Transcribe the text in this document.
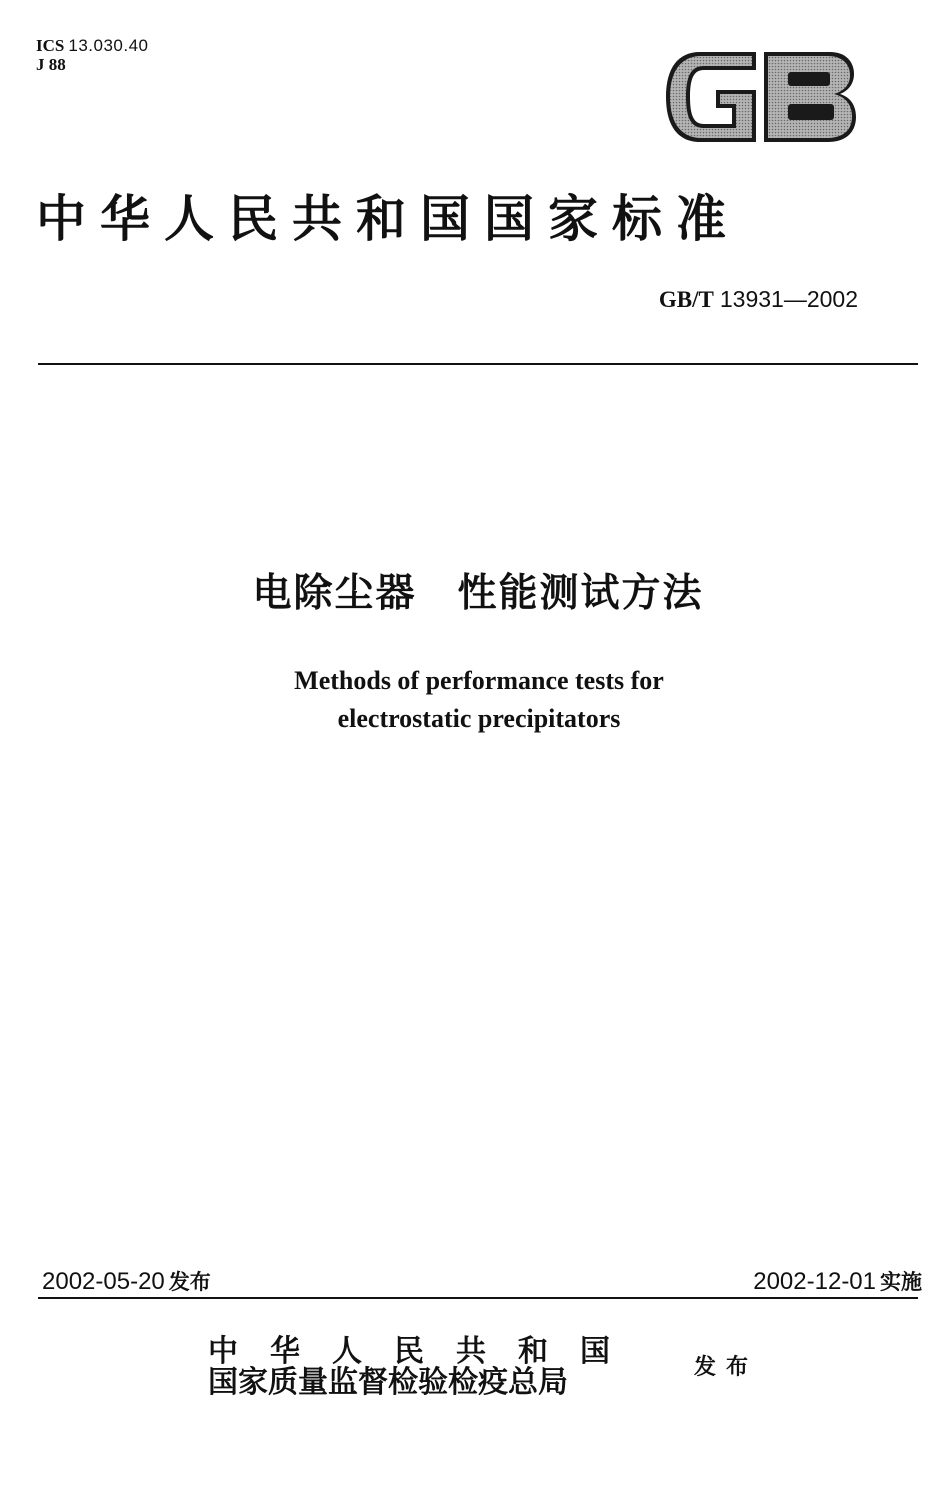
ICS 13.030.40
J 88
中华人民共和国国家标准
GB/T 13931—2002
电除尘器　性能测试方法
Methods of performance tests for
electrostatic precipitators
2002-05-20 发布	2002-12-01 实施
中华人民共和国
国家质量监督检验检疫总局	发布
